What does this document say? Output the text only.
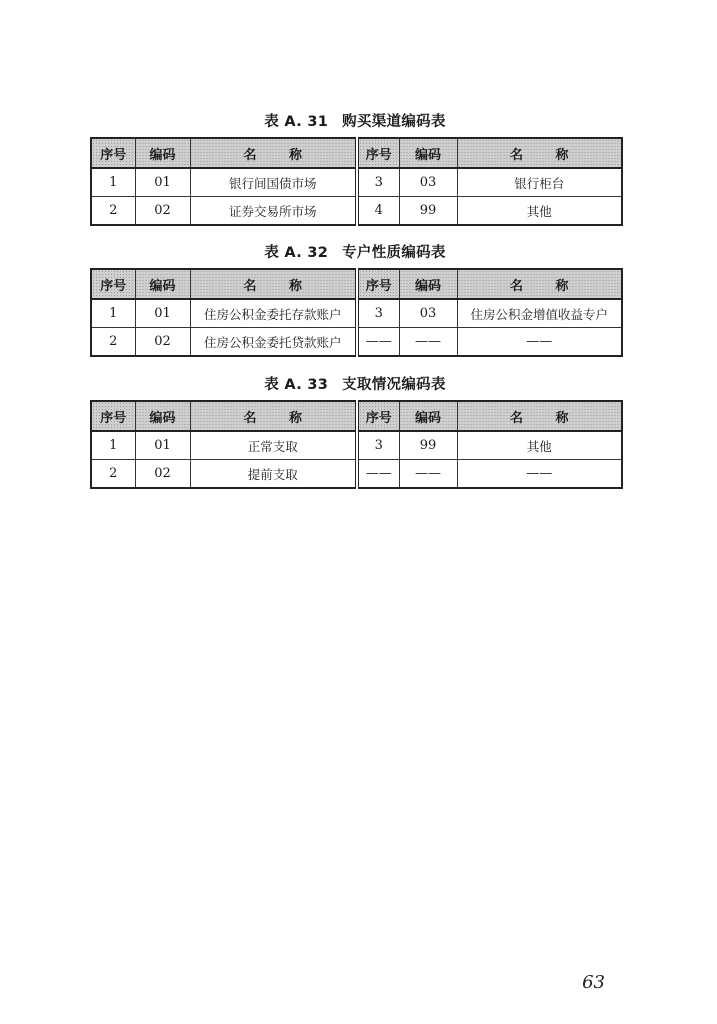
表 A. 31 购买渠道编码表
序号	编码	名 称	序号	编码	名 称
1	01	银行间国债市场	3	03	银行柜台
2	02	证券交易所市场	4	99	其他
表 A. 32 专户性质编码表
序号	编码	名 称	序号	编码	名 称
1	01	住房公积金委托存款账户	3	03	住房公积金增值收益专户
2	02	住房公积金委托贷款账户	——	——	——
表 A. 33 支取情况编码表
序号	编码	名 称	序号	编码	名 称
1	01	正常支取	3	99	其他
2	02	提前支取	——	——	——
63
